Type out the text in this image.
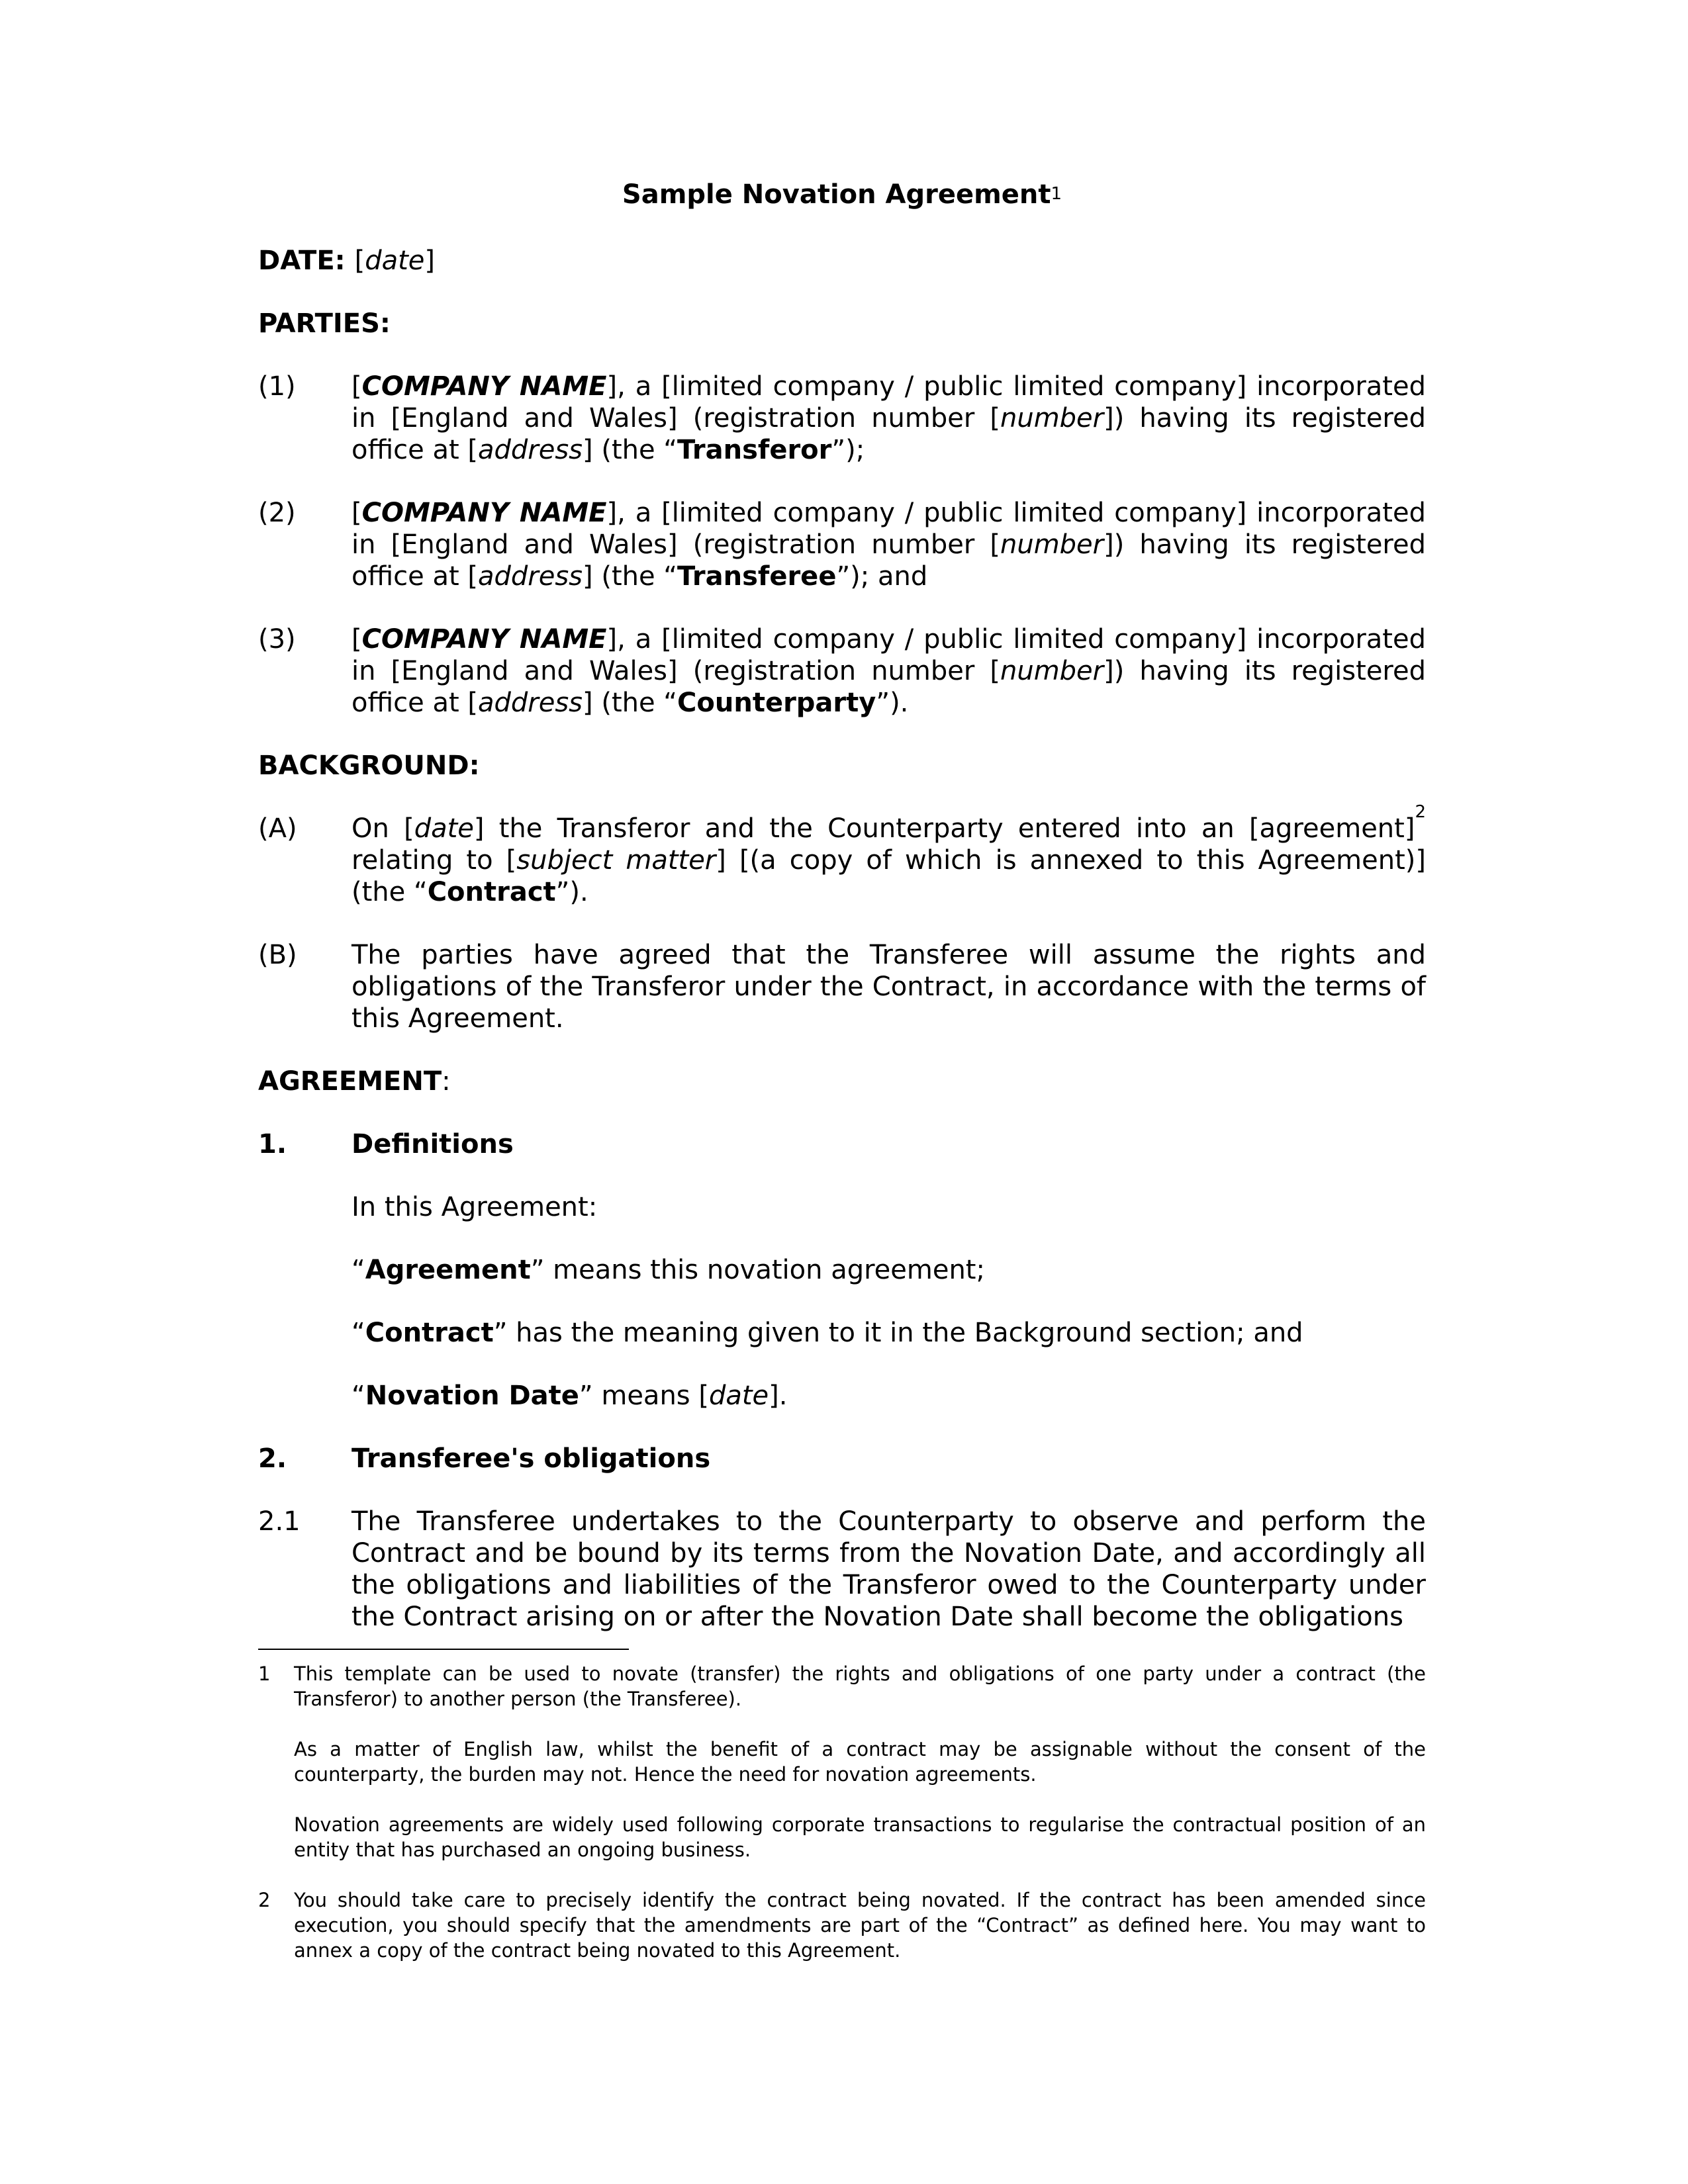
Sample Novation Agreement$^1$
DATE: [date]
PARTIES:
(1)	[COMPANY NAME], a [limited company / public limited company] incorporated in [England and Wales] (registration number [number]) having its registered office at [address] (the “Transferor”);
(2)	[COMPANY NAME], a [limited company / public limited company] incorporated in [England and Wales] (registration number [number]) having its registered office at [address] (the “Transferee”); and
(3)	[COMPANY NAME], a [limited company / public limited company] incorporated in [England and Wales] (registration number [number]) having its registered office at [address] (the “Counterparty”).
BACKGROUND:
(A)	On [date] the Transferor and the Counterparty entered into an [agreement]$^2$ relating to [subject matter] [(a copy of which is annexed to this Agreement)] (the “Contract”).
(B)	The parties have agreed that the Transferee will assume the rights and obligations of the Transferor under the Contract, in accordance with the terms of this Agreement.
AGREEMENT:
1.	Definitions
In this Agreement:
“Agreement” means this novation agreement;
“Contract” has the meaning given to it in the Background section; and
“Novation Date” means [date].
2.	Transferee's obligations
2.1	The Transferee undertakes to the Counterparty to observe and perform the Contract and be bound by its terms from the Novation Date, and accordingly all the obligations and liabilities of the Transferor owed to the Counterparty under the Contract arising on or after the Novation Date shall become the obligations
1	This template can be used to novate (transfer) the rights and obligations of one party under a contract (the Transferor) to another person (the Transferee).

As a matter of English law, whilst the benefit of a contract may be assignable without the consent of the counterparty, the burden may not. Hence the need for novation agreements.

Novation agreements are widely used following corporate transactions to regularise the contractual position of an entity that has purchased an ongoing business.

2	You should take care to precisely identify the contract being novated. If the contract has been amended since execution, you should specify that the amendments are part of the “Contract” as defined here. You may want to annex a copy of the contract being novated to this Agreement.
